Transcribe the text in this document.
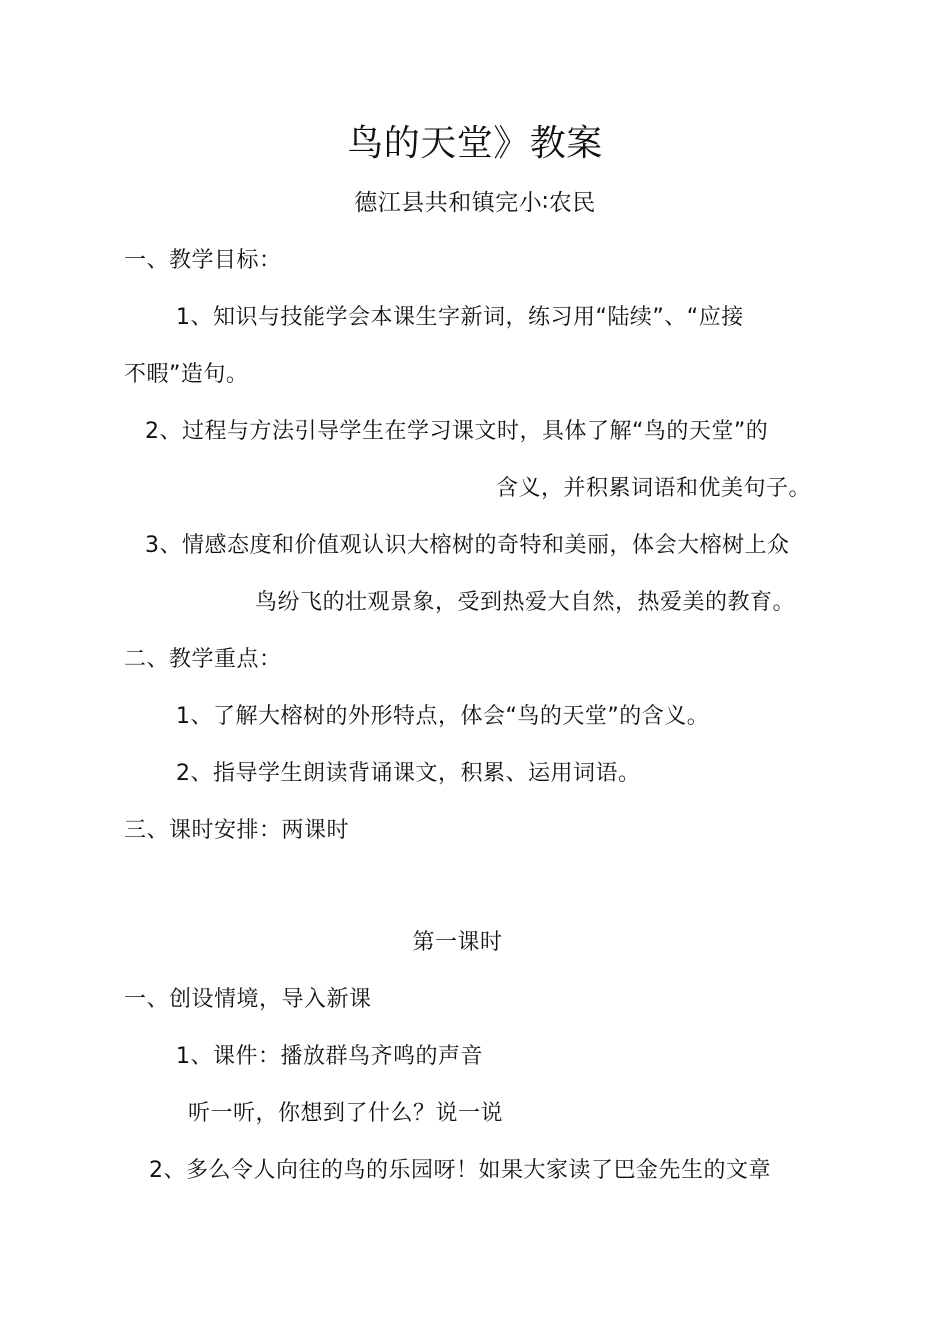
鸟的天堂》教案
德江县共和镇完小∶农民
一、教学目标：
1、知识与技能学会本课生字新词，练习用“陆续”、“应接
不暇”造句。
2、过程与方法引导学生在学习课文时，具体了解“鸟的天堂”的
含义，并积累词语和优美句子。
3、情感态度和价值观认识大榕树的奇特和美丽，体会大榕树上众
鸟纷飞的壮观景象，受到热爱大自然，热爱美的教育。
二、教学重点：
1、了解大榕树的外形特点，体会“鸟的天堂”的含义。
2、指导学生朗读背诵课文，积累、运用词语。
三、课时安排：两课时
第一课时
一、创设情境，导入新课
1、课件：播放群鸟齐鸣的声音
听一听，你想到了什么？说一说
2、多么令人向往的鸟的乐园呀！如果大家读了巴金先生的文章
